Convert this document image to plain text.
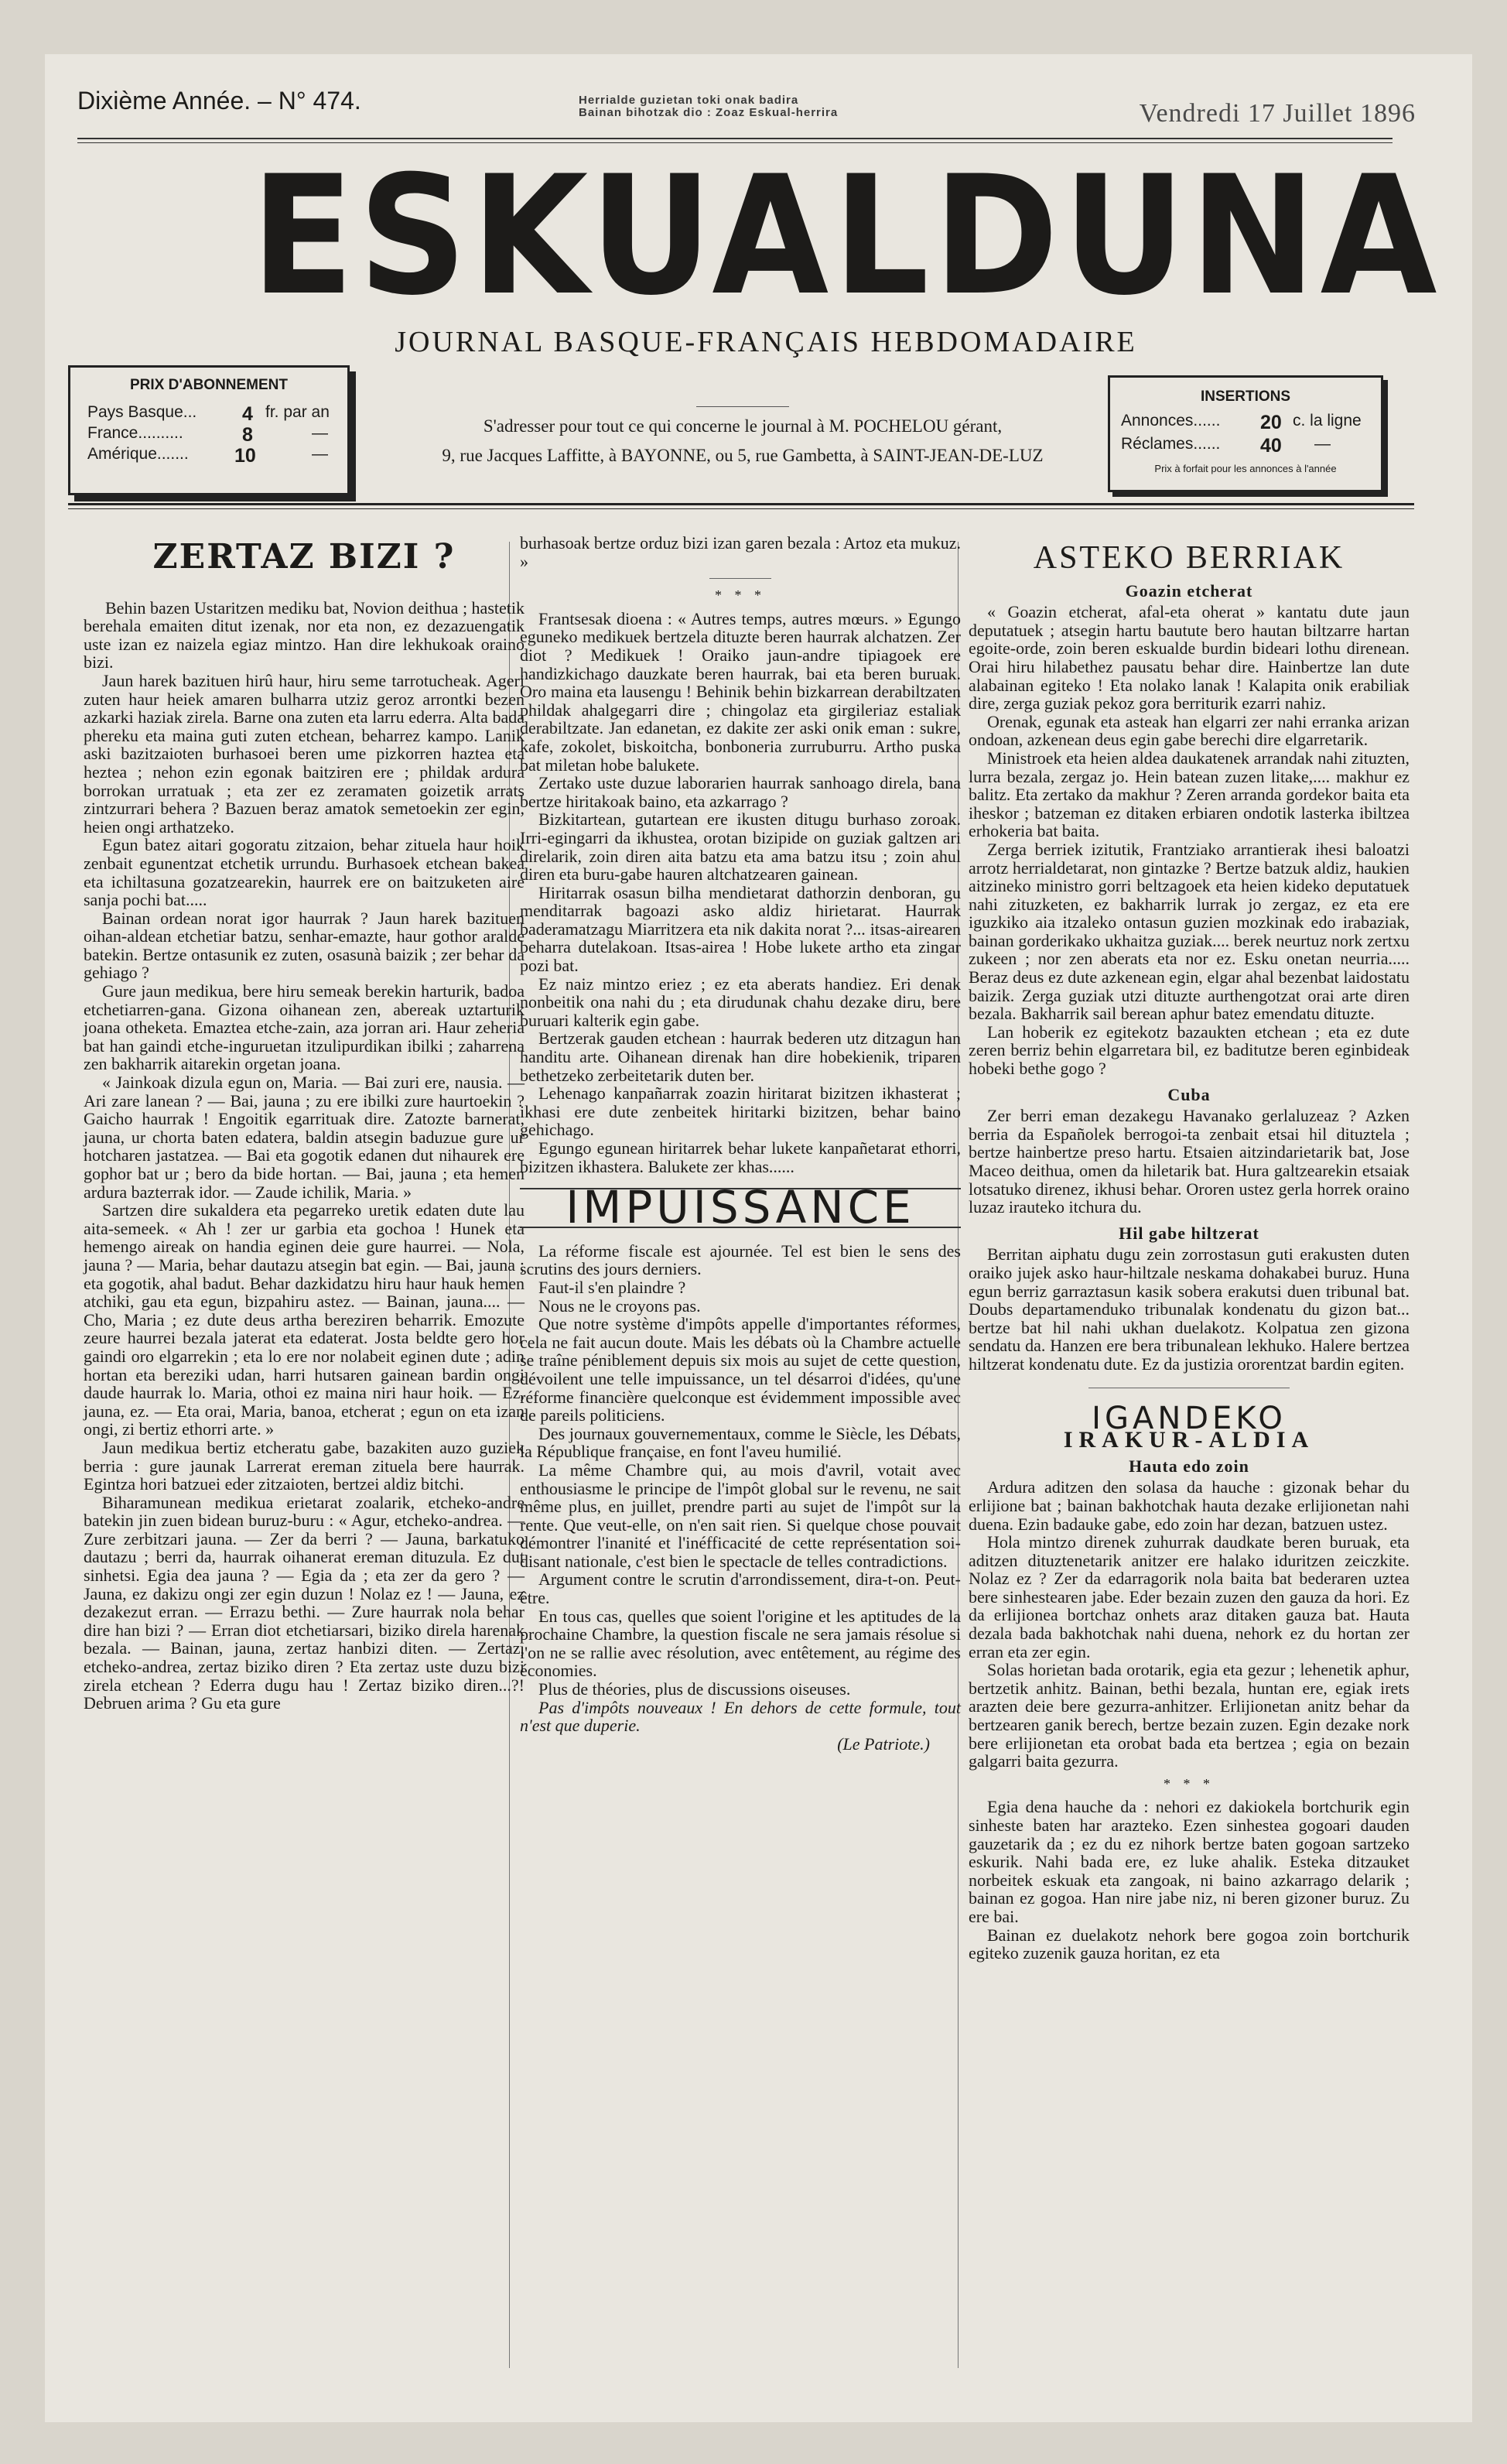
Dixième Année. – N° 474.	Herrialde guzietan toki onak badira
Bainan bihotzak dio : Zoaz Eskual-herrira	Vendredi 17 Juillet 1896
ESKUALDUNA
JOURNAL BASQUE-FRANÇAIS HEBDOMADAIRE
PRIX D'ABONNEMENT
Pays Basque... 4 fr. par an
France..........	8	—
Amérique....... 10	—
S'adresser pour tout ce qui concerne le journal à M. POCHELOU gérant,
9, rue Jacques Laffitte, à BAYONNE, ou 5, rue Gambetta, à SAINT-JEAN-DE-LUZ
INSERTIONS
Annonces...... 20 c. la ligne
Réclames...... 40 —
Prix à forfait pour les annonces à l'année
ZERTAZ BIZI ?

Behin bazen Ustaritzen mediku bat, Novion deithua ; hastetik berehala emaiten ditut izenak, nor eta non, ez dezazuengatik uste izan ez naizela egiaz mintzo. Han dire lekhukoak oraino bizi.

Jaun harek bazituen hirû haur, hiru seme tarrotucheak. Ageri zuten haur heiek amaren bulharra utziz geroz arrontki bezen azkarki haziak zirela. Barne ona zuten eta larru ederra. Alta bada phereku eta maina guti zuten etchean, beharrez kampo. Lanik aski bazitzaioten burhasoei beren ume pizkorren haztea eta heztea ; nehon ezin egonak baitziren ere ; phildak ardura borrokan urratuak ; eta zer ez zeramaten goizetik arrats zintzurrari behera ? Bazuen beraz amatok semetoekin zer egin, heien ongi arthatzeko.

Egun batez aitari gogoratu zitzaion, behar zituela haur hoik zenbait egunentzat etchetik urrundu. Burhasoek etchean bakea eta ichiltasuna gozatzearekin, haurrek ere on baitzuketen aire sanja pochi bat.....

Bainan ordean norat igor haurrak ? Jaun harek bazituen oihan-aldean etchetiar batzu, senhar-emazte, haur gothor aralde batekin. Bertze ontasunik ez zuten, osasunà baizik ; zer behar da gehiago ?

Gure jaun medikua, bere hiru semeak berekin harturik, badoa etchetiarren-gana. Gizona oihanean zen, abereak uztarturik joana otheketa. Emaztea etche-zain, aza jorran ari. Haur zeheria bat han gaindi etche-inguruetan itzulipurdikan ibilki ; zaharrena zen bakharrik aitarekin orgetan joana.

« Jainkoak dizula egun on, Maria. — Bai zuri ere, nausia. — Ari zare lanean ? — Bai, jauna ; zu ere ibilki zure haurtoekin ? Gaicho haurrak ! Engoitik egarrituak dire. Zatozte barnerat, jauna, ur chorta baten edatera, baldin atsegin baduzue gure ur hotcharen jastatzea. — Bai eta gogotik edanen dut nihaurek ere gophor bat ur ; bero da bide hortan. — Bai, jauna ; eta hemen ardura bazterrak idor. — Zaude ichilik, Maria. »

Sartzen dire sukaldera eta pegarreko uretik edaten dute lau aita-semeek. « Ah ! zer ur garbia eta gochoa ! Hunek eta hemengo aireak on handia eginen deie gure haurrei. — Nola, jauna ? — Maria, behar dautazu atsegin bat egin. — Bai, jauna ; eta gogotik, ahal badut. Behar dazkidatzu hiru haur hauk hemen atchiki, gau eta egun, bizpahiru astez. — Bainan, jauna.... — Cho, Maria ; ez dute deus artha bereziren beharrik. Emozute zeure haurrei bezala jaterat eta edaterat. Josta beldte gero hor gaindi oro elgarrekin ; eta lo ere nor nolabeit eginen dute ; adin hortan eta bereziki udan, harri hutsaren gainean bardin ongi daude haurrak lo. Maria, othoi ez maina niri haur hoik. — Ez, jauna, ez. — Eta orai, Maria, banoa, etcherat ; egun on eta izan ongi, zi bertiz ethorri arte. »

Jaun medikua bertiz etcheratu gabe, bazakiten auzo guziek berria : gure jaunak Larrerat ereman zituela bere haurrak. Egintza hori batzuei eder zitzaioten, bertzei aldiz bitchi.

Biharamunean medikua erietarat zoalarik, etcheko-andre batekin jin zuen bidean buruz-buru : « Agur, etcheko-andrea. — Zure zerbitzari jauna. — Zer da berri ? — Jauna, barkatuko dautazu ; berri da, haurrak oihanerat ereman dituzula. Ez dut sinhetsi. Egia dea jauna ? — Egia da ; eta zer da gero ? — Jauna, ez dakizu ongi zer egin duzun ! Nolaz ez ! — Jauna, ez dezakezut erran. — Errazu bethi. — Zure haurrak nola behar dire han bizi ? — Erran diot etchetiarsari, biziko direla harenak bezala. — Bainan, jauna, zertaz hanbizi diten. — Zertaz, etcheko-andrea, zertaz biziko diren ? Eta zertaz uste duzu bizi zirela etchean ? Ederra dugu hau ! Zertaz biziko diren...?! Debruen arima ? Gu eta gure

burhasoak bertze orduz bizi izan garen bezala : Artoz eta mukuz. »

* * *

Frantsesak dioena : « Autres temps, autres mœurs. » Egungo eguneko medikuek bertzela dituzte beren haurrak alchatzen. Zer diot ? Medikuek ! Oraiko jaun-andre tipiagoek ere handizkichago dauzkate beren haurrak, bai eta beren buruak. Oro maina eta lausengu ! Behinik behin bizkarrean derabiltzaten phildak ahalgegarri dire ; chingolaz eta girgileriaz estaliak derabiltzate. Jan edanetan, ez dakite zer aski onik eman : sukre, kafe, zokolet, biskoitcha, bonboneria zurruburru. Artho puska bat miletan hobe balukete.

Zertako uste duzue laborarien haurrak sanhoago direla, bana bertze hiritakoak baino, eta azkarrago ?

Bizkitartean, gutartean ere ikusten ditugu burhaso zoroak. Irri-egingarri da ikhustea, orotan bizipide on guziak galtzen ari direlarik, zoin diren aita batzu eta ama batzu itsu ; zoin ahul diren eta buru-gabe hauren altchatzearen gainean.

Hiritarrak osasun bilha mendietarat dathorzin denboran, gu menditarrak bagoazi asko aldiz hirietarat. Haurrak baderamatzagu Miarritzera eta nik dakita norat ?... itsas-airearen beharra dutelakoan. Itsas-airea ! Hobe lukete artho eta zingar pozi bat.

Ez naiz mintzo eriez ; ez eta aberats handiez. Eri denak nonbeitik ona nahi du ; eta dirudunak chahu dezake diru, bere buruari kalterik egin gabe.

Bertzerak gauden etchean : haurrak bederen utz ditzagun han handitu arte. Oihanean direnak han dire hobekienik, triparen bethetzeko zerbeitetarik duten ber.

Lehenago kanpañarrak zoazin hiritarat bizitzen ikhasterat ; ikhasi ere dute zenbeitek hiritarki bizitzen, behar baino gehichago.

Egungo egunean hiritarrek behar lukete kanpañetarat ethorri, bizitzen ikhastera. Balukete zer khas......

IMPUISSANCE

La réforme fiscale est ajournée. Tel est bien le sens des scrutins des jours derniers.

Faut-il s'en plaindre ?

Nous ne le croyons pas.

Que notre système d'impôts appelle d'importantes réformes, cela ne fait aucun doute. Mais les débats où la Chambre actuelle se traîne péniblement depuis six mois au sujet de cette question, dévoilent une telle impuissance, un tel désarroi d'idées, qu'une réforme financière quelconque est évidemment impossible avec de pareils politiciens.

Des journaux gouvernementaux, comme le Siècle, les Débats, la République française, en font l'aveu humilié.

La même Chambre qui, au mois d'avril, votait avec enthousiasme le principe de l'impôt global sur le revenu, ne sait même plus, en juillet, prendre parti au sujet de l'impôt sur la rente. Que veut-elle, on n'en sait rien. Si quelque chose pouvait démontrer l'inanité et l'inéfficacité de cette représentation soi-disant nationale, c'est bien le spectacle de telles contradictions.

Argument contre le scrutin d'arrondissement, dira-t-on. Peut-être.

En tous cas, quelles que soient l'origine et les aptitudes de la prochaine Chambre, la question fiscale ne sera jamais résolue si l'on ne se rallie avec résolution, avec entêtement, au régime des économies.

Plus de théories, plus de discussions oiseuses.

Pas d'impôts nouveaux ! En dehors de cette formule, tout n'est que duperie.

(Le Patriote.)
ASTEKO BERRIAK
Goazin etcherat

« Goazin etcherat, afal-eta oherat » kantatu dute jaun deputatuek ; atsegin hartu bautute bero hautan biltzarre hartan egoite-orde, zoin beren eskualde burdin bideari lothu direnean. Orai hiru hilabethez pausatu behar dire. Hainbertze lan dute alabainan egiteko ! Eta nolako lanak ! Kalapita onik erabiliak dire, zerga guziak pekoz gora berriturik ezarri nahiz.

Orenak, egunak eta asteak han elgarri zer nahi erranka arizan ondoan, azkenean deus egin gabe berechi dire elgarretarik.

Ministroek eta heien aldea daukatenek arrandak nahi zituzten, lurra bezala, zergaz jo. Hein batean zuzen litake,.... makhur ez balitz. Eta zertako da makhur ? Zeren arranda gordekor baita eta iheskor ; batzeman ez ditaken erbiaren ondotik lasterka ibiltzea erhokeria bat baita.

Zerga berriek izitutik, Frantziako arrantierak ihesi baloatzi arrotz herrialdetarat, non gintazke ? Bertze batzuk aldiz, haukien aitzineko ministro gorri beltzagoek eta heien kideko deputatuek nahi zituzketen, ez bakharrik lurrak jo zergaz, ez eta ere iguzkiko aia itzaleko ontasun guzien mozkinak edo irabaziak, bainan gorderikako ukhaitza guziak.... berek neurtuz nork zertxu zukeen ; nor zen aberats eta nor ez. Esku onetan neurria..... Beraz deus ez dute azkenean egin, elgar ahal bezenbat laidostatu baizik. Zerga guziak utzi dituzte aurthengotzat orai arte diren bezala. Bakharrik sail berean aphur batez emendatu dituzte.

Lan hoberik ez egitekotz bazaukten etchean ; eta ez dute zeren berriz behin elgarretara bil, ez baditutze beren eginbideak hobeki bethe gogo ?

Cuba

Zer berri eman dezakegu Havanako gerlaluzeaz ? Azken berria da Españolek berrogoi-ta zenbait etsai hil dituztela ; bertze hainbertze preso hartu. Etsaien aitzindarietarik bat, Jose Maceo deithua, omen da hiletarik bat. Hura galtzearekin etsaiak lotsatuko direnez, ikhusi behar. Ororen ustez gerla horrek oraino luzaz irauteko itchura du.

Hil gabe hiltzerat

Berritan aiphatu dugu zein zorrostasun guti erakusten duten oraiko jujek asko haur-hiltzale neskama dohakabei buruz. Huna egun berriz garraztasun kasik sobera erakutsi duen tribunal bat. Doubs departamenduko tribunalak kondenatu du gizon bat... bertze bat hil nahi ukhan duelakotz. Kolpatua zen gizona sendatu da. Hanzen ere bera tribunalean lekhuko. Halere bertzea hiltzerat kondenatu dute. Ez da justizia ororentzat bardin egiten.

IGANDEKO
IRAKUR-ALDIA
Hauta edo zoin

Ardura aditzen den solasa da hauche : gizonak behar du erlijione bat ; bainan bakhotchak hauta dezake erlijionetan nahi duena. Ezin badauke gabe, edo zoin har dezan, batzuen ustez.

Hola mintzo direnek zuhurrak daudkate beren buruak, eta aditzen dituztenetarik anitzer ere halako iduritzen zeiczkite. Nolaz ez ? Zer da edarragorik nola baita bat bederaren uztea bere sinhestearen jabe. Eder bezain zuzen den gauza da hori. Ez da erlijionea bortchaz onhets araz ditaken gauza bat. Hauta dezala bada bakhotchak nahi duena, nehork ez du hortan zer erran eta zer egin.

Solas horietan bada orotarik, egia eta gezur ; lehenetik aphur, bertzetik anhitz. Bainan, bethi bezala, huntan ere, egiak irets arazten deie bere gezurra-anhitzer. Erlijionetan anitz behar da bertzearen ganik berech, bertze bezain zuzen. Egin dezake nork bere erlijionetan eta orobat bada eta bertzea ; egia on bezain galgarri baita gezurra.

* * *

Egia dena hauche da : nehori ez dakiokela bortchurik egin sinheste baten har arazteko. Ezen sinhestea gogoari dauden gauzetarik da ; ez du ez nihork bertze baten gogoan sartzeko eskurik. Nahi bada ere, ez luke ahalik. Esteka ditzauket norbeitek eskuak eta zangoak, ni baino azkarrago delarik ; bainan ez gogoa. Han nire jabe niz, ni beren gizoner buruz. Zu ere bai.

Bainan ez duelakotz nehork bere gogoa zoin bortchurik egiteko zuzenik gauza horitan, ez eta
